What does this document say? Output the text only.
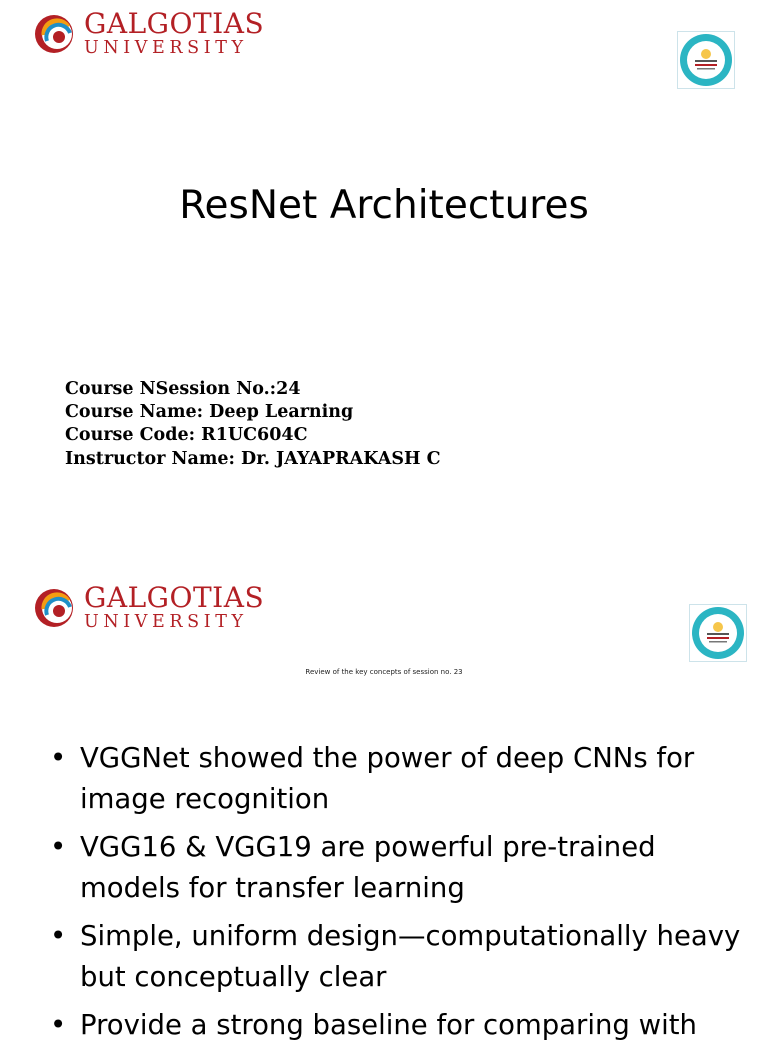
GALGOTIAS
UNIVERSITY
ResNet Architectures
Course NSession No.:24
Course Name: Deep Learning
Course Code: R1UC604C
Instructor Name: Dr. JAYAPRAKASH C
GALGOTIAS
UNIVERSITY
Review of the key concepts of session no. 23
• VGGNet showed the power of deep CNNs for image recognition
• VGG16 & VGG19 are powerful pre-trained models for transfer learning
• Simple, uniform design—computationally heavy but conceptually clear
• Provide a strong baseline for comparing with
